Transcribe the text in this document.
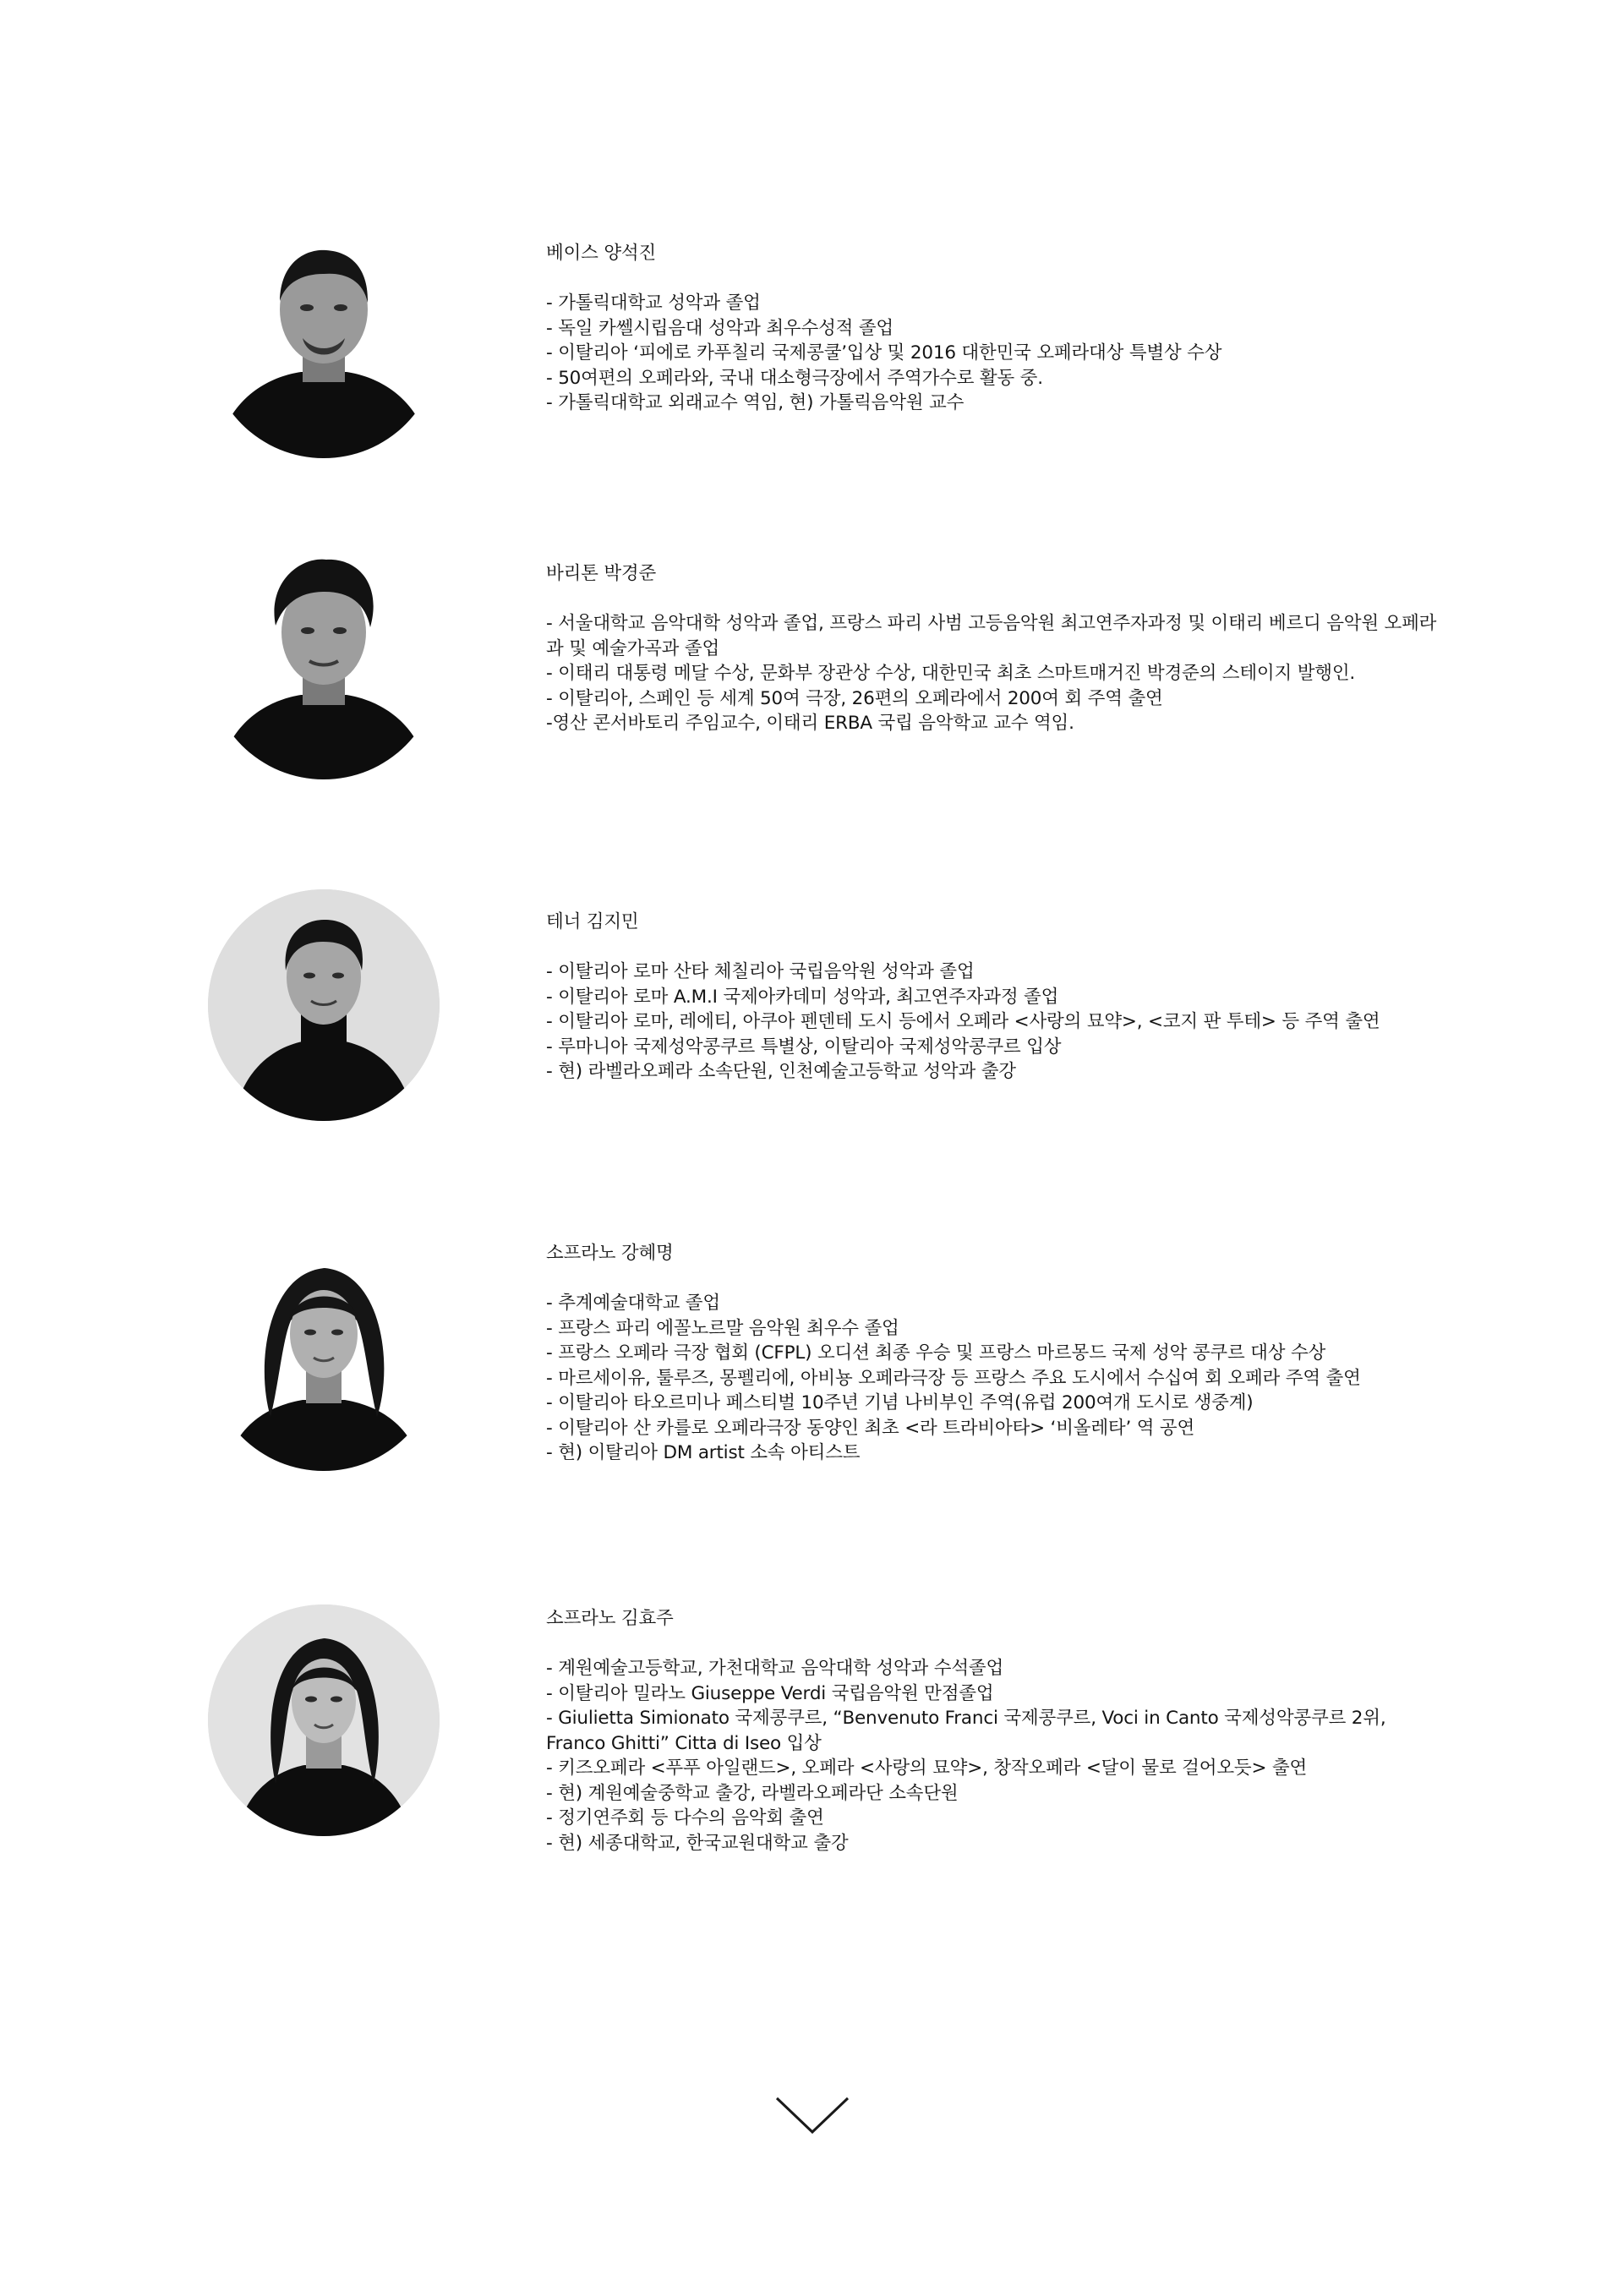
베이스 양석진
- 가톨릭대학교 성악과 졸업
- 독일 카쎌시립음대 성악과 최우수성적 졸업
- 이탈리아 ‘피에로 카푸칠리 국제콩쿨’입상 및 2016 대한민국 오페라대상 특별상 수상
- 50여편의 오페라와, 국내 대소형극장에서 주역가수로 활동 중.
- 가톨릭대학교 외래교수 역임, 현) 가톨릭음악원 교수
바리톤 박경준
- 서울대학교 음악대학 성악과 졸업, 프랑스 파리 사범 고등음악원 최고연주자과정 및 이태리 베르디 음악원 오페라과 및 예술가곡과 졸업
- 이태리 대통령 메달 수상, 문화부 장관상 수상, 대한민국 최초 스마트매거진 박경준의 스테이지 발행인.
- 이탈리아, 스페인 등 세계 50여 극장, 26편의 오페라에서 200여 회 주역 출연
-영산 콘서바토리 주임교수, 이태리 ERBA 국립 음악학교 교수 역임.
테너 김지민
- 이탈리아 로마 산타 체칠리아 국립음악원 성악과 졸업
- 이탈리아 로마 A.M.I 국제아카데미 성악과, 최고연주자과정 졸업
- 이탈리아 로마, 레에티, 아쿠아 펜덴테 도시 등에서 오페라 <사랑의 묘약>, <코지 판 투테> 등 주역 출연
- 루마니아 국제성악콩쿠르 특별상, 이탈리아 국제성악콩쿠르 입상
- 현) 라벨라오페라 소속단원, 인천예술고등학교 성악과 출강
소프라노 강혜명
- 추계예술대학교 졸업
- 프랑스 파리 에꼴노르말 음악원 최우수 졸업
- 프랑스 오페라 극장 협회 (CFPL) 오디션 최종 우승 및 프랑스 마르몽드 국제 성악 콩쿠르 대상 수상
- 마르세이유, 툴루즈, 몽펠리에, 아비뇽 오페라극장 등 프랑스 주요 도시에서 수십여 회 오페라 주역 출연
- 이탈리아 타오르미나 페스티벌 10주년 기념 나비부인 주역(유럽 200여개 도시로 생중계)
- 이탈리아 산 카를로 오페라극장 동양인 최초 <라 트라비아타> ‘비올레타’ 역 공연
- 현) 이탈리아 DM artist 소속 아티스트
소프라노 김효주
- 계원예술고등학교, 가천대학교 음악대학 성악과 수석졸업
- 이탈리아 밀라노 Giuseppe Verdi 국립음악원 만점졸업
- Giulietta Simionato 국제콩쿠르, “Benvenuto Franci 국제콩쿠르, Voci in Canto 국제성악콩쿠르 2위, Franco Ghitti” Citta di Iseo 입상
- 키즈오페라 <푸푸 아일랜드>, 오페라 <사랑의 묘약>, 창작오페라 <달이 물로 걸어오듯> 출연
- 현) 계원예술중학교 출강, 라벨라오페라단 소속단원
- 정기연주회 등 다수의 음악회 출연
- 현) 세종대학교, 한국교원대학교 출강
